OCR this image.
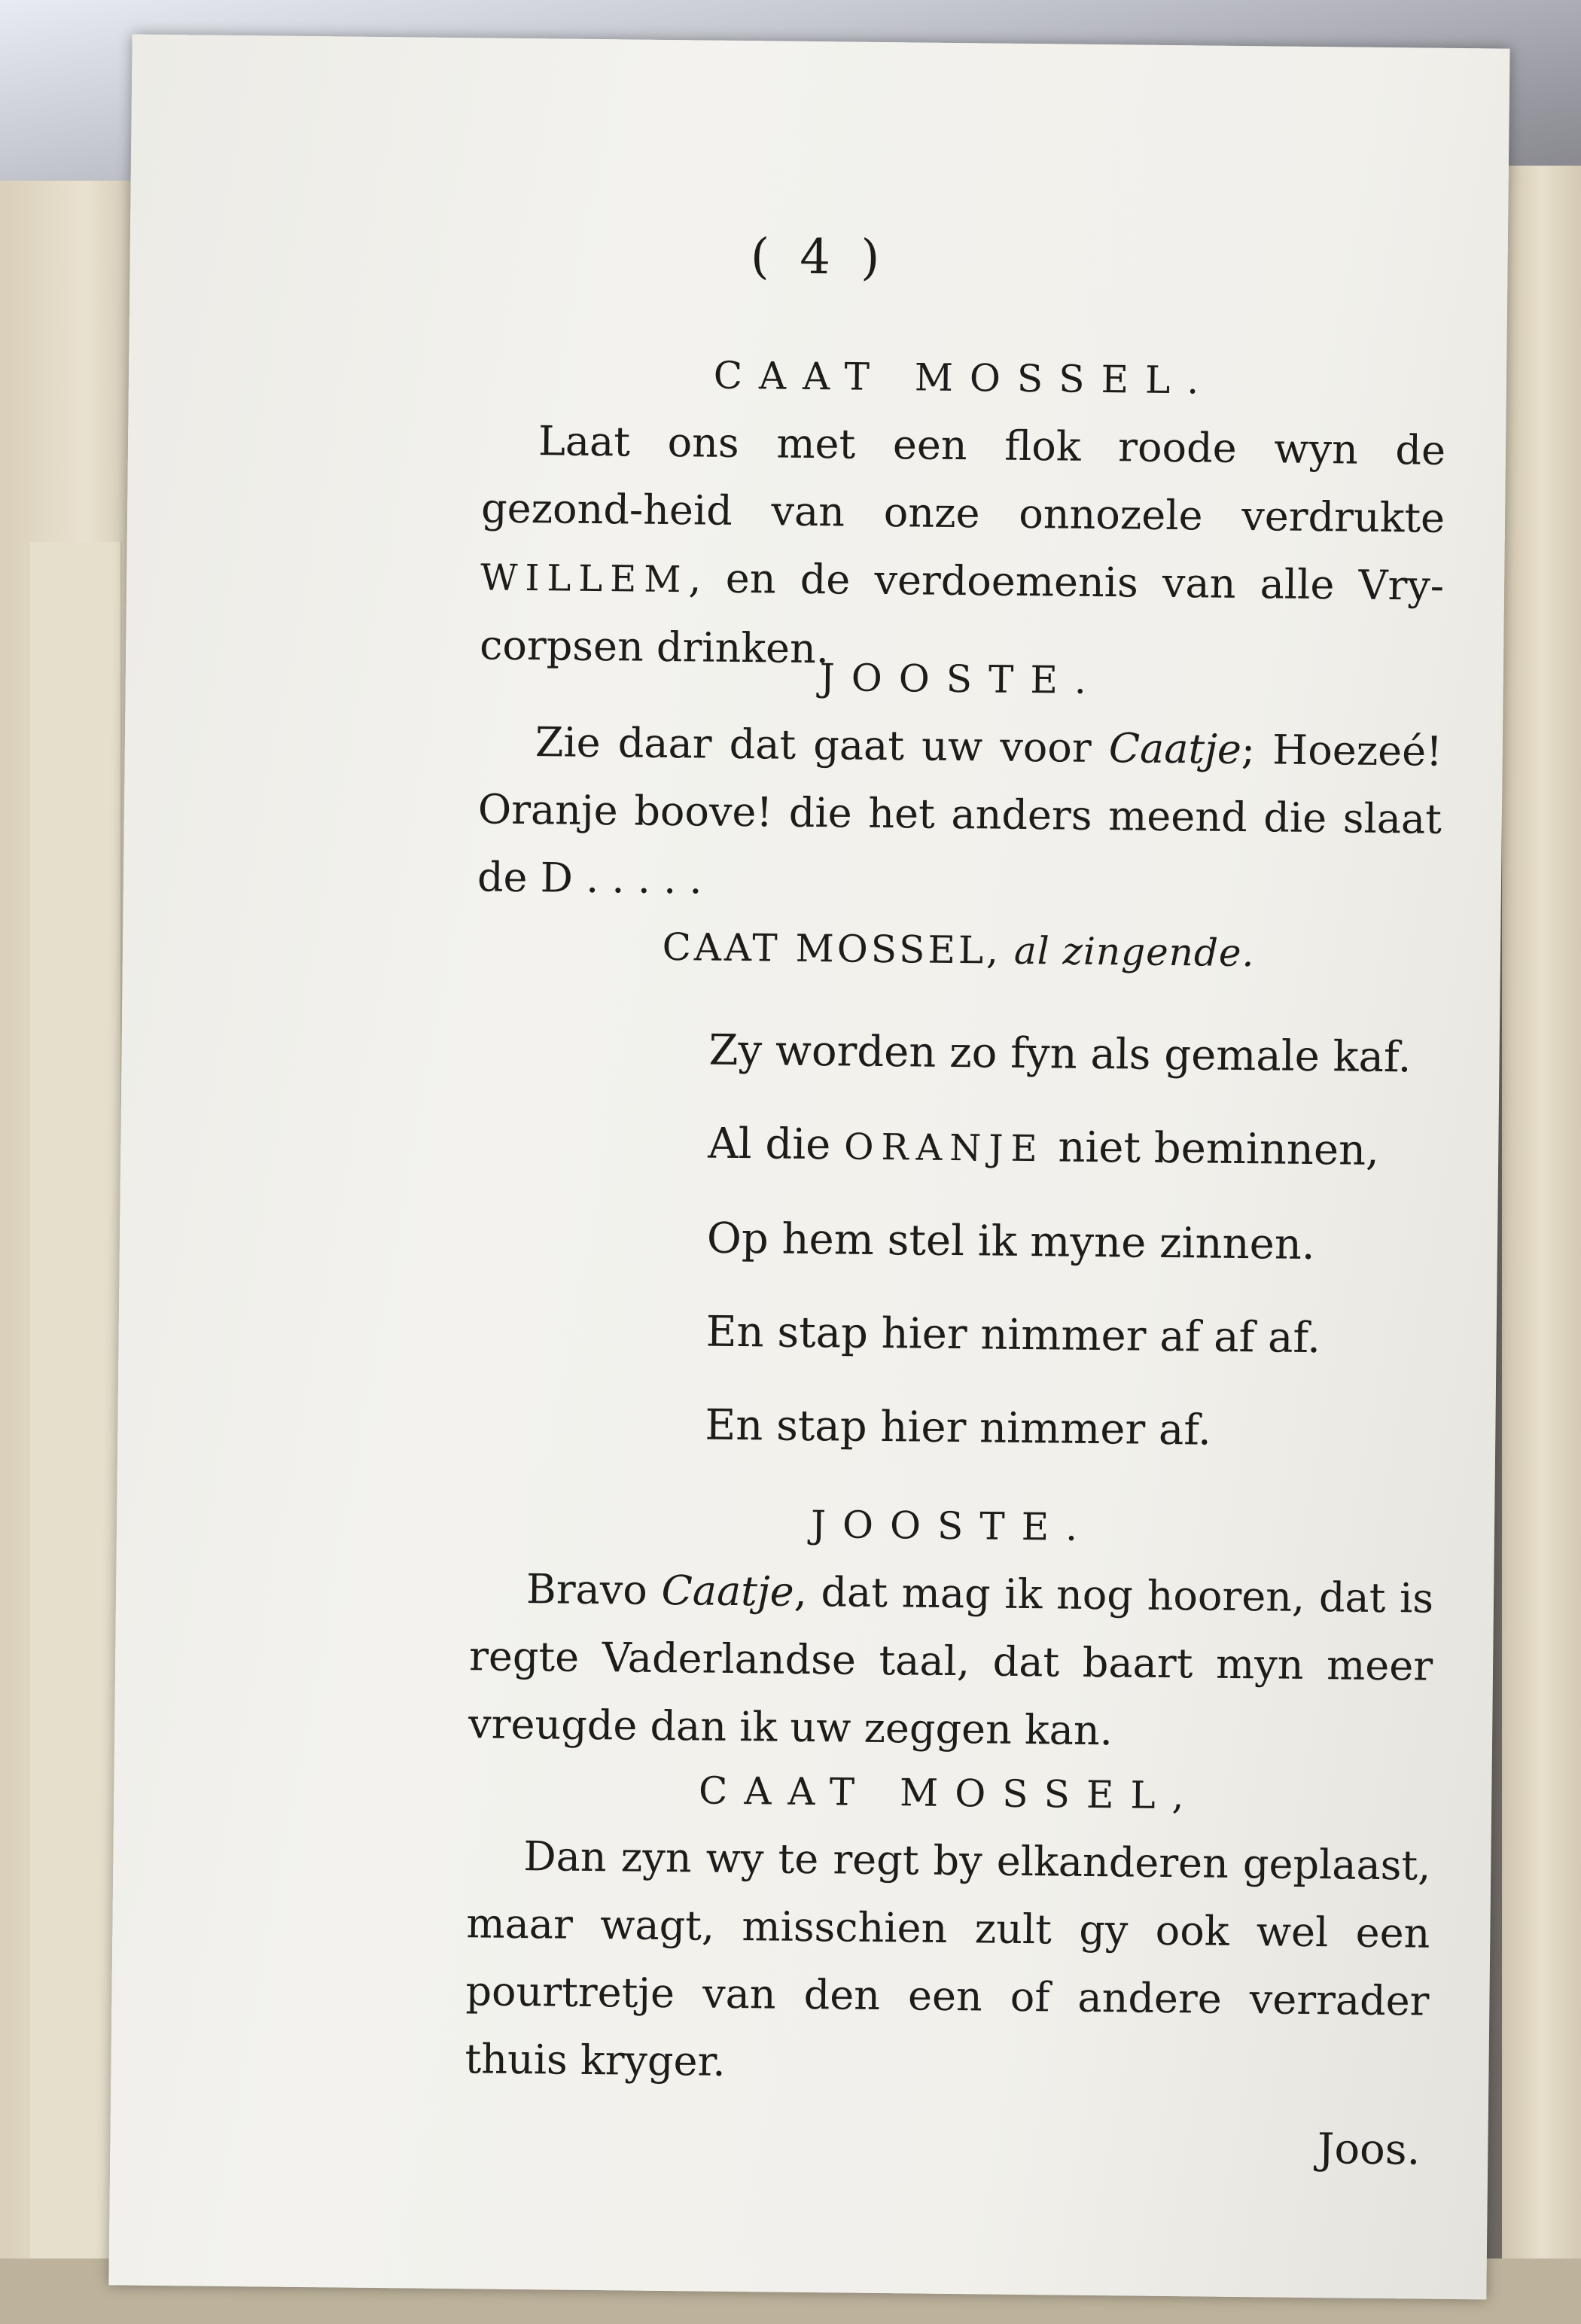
( 4 )
CAAT MOSSEL.
Laat ons met een flok roode wyn de gezond-heid van onze onnozele verdrukte WILLEM, en de verdoemenis van alle Vry-corpsen drinken.
JOOSTE.
Zie daar dat gaat uw voor Caatje; Hoezeé! Oranje boove! die het anders meend die slaat de D . . . . .
CAAT MOSSEL, al zingende.
Zy worden zo fyn als gemale kaf.
Al die ORANJE niet beminnen,
Op hem stel ik myne zinnen.
En stap hier nimmer af af af.
En stap hier nimmer af.
JOOSTE.
Bravo Caatje, dat mag ik nog hooren, dat is regte Vaderlandse taal, dat baart myn meer vreugde dan ik uw zeggen kan.
CAAT MOSSEL,
Dan zyn wy te regt by elkanderen geplaast, maar wagt, misschien zult gy ook wel een pourtretje van den een of andere verrader thuis kryger.
Joos.
